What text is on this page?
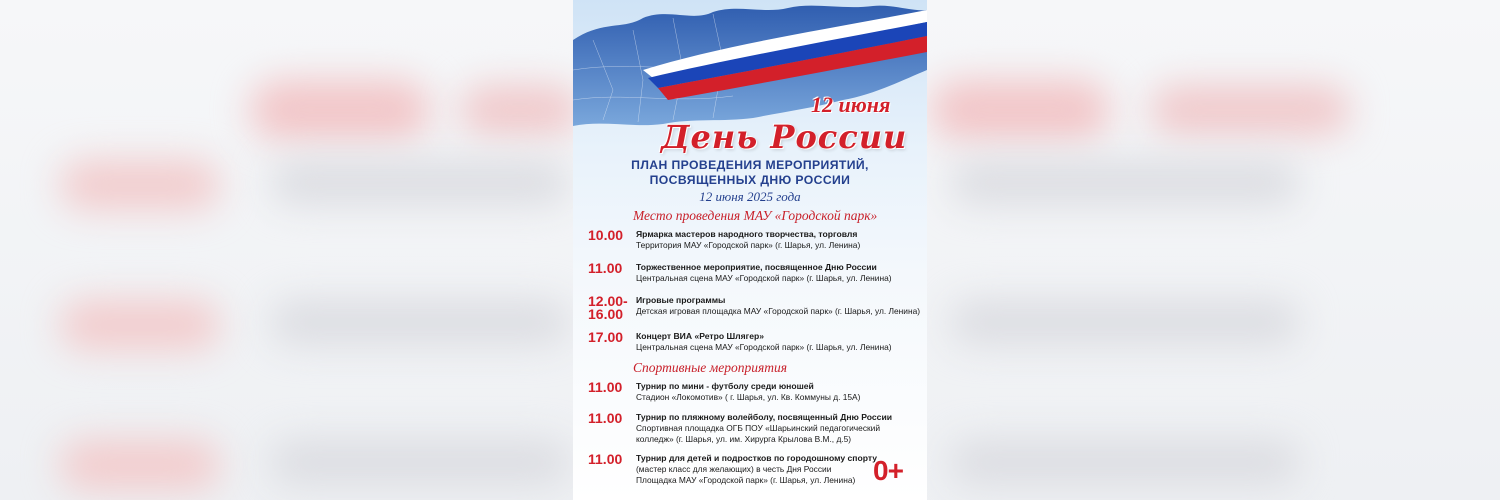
12 июня
День России
ПЛАН ПРОВЕДЕНИЯ МЕРОПРИЯТИЙ,
ПОСВЯЩЕННЫХ ДНЮ РОССИИ
12 июня 2025 года
Место проведения МАУ «Городской парк»
10.00 Ярмарка мастеров народного творчества, торговля
Территория МАУ «Городской парк» (г. Шарья, ул. Ленина)
11.00 Торжественное мероприятие, посвященное Дню России
Центральная сцена МАУ «Городской парк» (г. Шарья, ул. Ленина)
12.00-
16.00
Игровые программы
Детская игровая площадка МАУ «Городской парк» (г. Шарья, ул. Ленина)
17.00 Концерт ВИА «Ретро Шлягер»
Центральная сцена МАУ «Городской парк» (г. Шарья, ул. Ленина)
Спортивные мероприятия
11.00 Турнир по мини - футболу среди юношей
Стадион «Локомотив» ( г. Шарья, ул. Кв. Коммуны д. 15А)
11.00 Турнир по пляжному волейболу, посвященный Дню России
Спортивная площадка ОГБ ПОУ «Шарьинский педагогический
колледж» (г. Шарья, ул. им. Хирурга Крылова В.М., д.5)
11.00 Турнир для детей и подростков по городошному спорту
(мастер класс для желающих) в честь Дня России
Площадка МАУ «Городской парк» (г. Шарья, ул. Ленина) 0+
